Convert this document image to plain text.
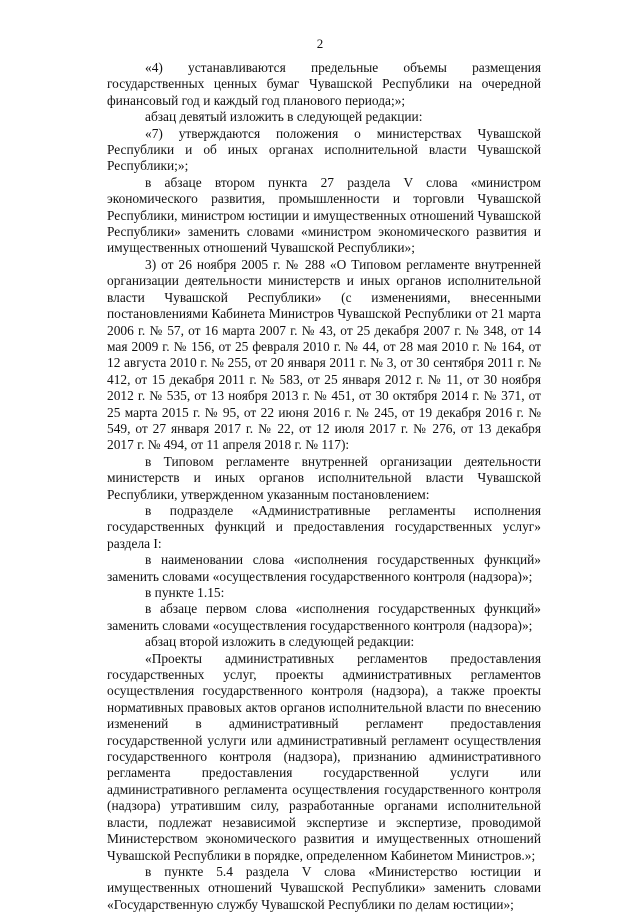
2

«4) устанавливаются предельные объемы размещения государственных ценных бумаг Чувашской Республики на очередной финансовый год и каждый год планового периода;»;

абзац девятый изложить в следующей редакции:

«7) утверждаются положения о министерствах Чувашской Республики и об иных органах исполнительной власти Чувашской Республики;»;

в абзаце втором пункта 27 раздела V слова «министром экономического развития, промышленности и торговли Чувашской Республики, министром юстиции и имущественных отношений Чувашской Республики» заменить словами «министром экономического развития и имущественных отношений Чувашской Республики»;

3) от 26 ноября 2005 г. № 288 «О Типовом регламенте внутренней организации деятельности министерств и иных органов исполнительной власти Чувашской Республики» (с изменениями, внесенными постановлениями Кабинета Министров Чувашской Республики от 21 марта 2006 г. № 57, от 16 марта 2007 г. № 43, от 25 декабря 2007 г. № 348, от 14 мая 2009 г. № 156, от 25 февраля 2010 г. № 44, от 28 мая 2010 г. № 164, от 12 августа 2010 г. № 255, от 20 января 2011 г. № 3, от 30 сентября 2011 г. № 412, от 15 декабря 2011 г. № 583, от 25 января 2012 г. № 11, от 30 ноября 2012 г. № 535, от 13 ноября 2013 г. № 451, от 30 октября 2014 г. № 371, от 25 марта 2015 г. № 95, от 22 июня 2016 г. № 245, от 19 декабря 2016 г. № 549, от 27 января 2017 г. № 22, от 12 июля 2017 г. № 276, от 13 декабря 2017 г. № 494, от 11 апреля 2018 г. № 117):

в Типовом регламенте внутренней организации деятельности министерств и иных органов исполнительной власти Чувашской Республики, утвержденном указанным постановлением:

в подразделе «Административные регламенты исполнения государственных функций и предоставления государственных услуг» раздела I:

в наименовании слова «исполнения государственных функций» заменить словами «осуществления государственного контроля (надзора)»;

в пункте 1.15:

в абзаце первом слова «исполнения государственных функций» заменить словами «осуществления государственного контроля (надзора)»;

абзац второй изложить в следующей редакции:

«Проекты административных регламентов предоставления государственных услуг, проекты административных регламентов осуществления государственного контроля (надзора), а также проекты нормативных правовых актов органов исполнительной власти по внесению изменений в административный регламент предоставления государственной услуги или административный регламент осуществления государственного контроля (надзора), признанию административного регламента предоставления государственной услуги или административного регламента осуществления государственного контроля (надзора) утратившим силу, разработанные органами исполнительной власти, подлежат независимой экспертизе и экспертизе, проводимой Министерством экономического развития и имущественных отношений Чувашской Республики в порядке, определенном Кабинетом Министров.»;

в пункте 5.4 раздела V слова «Министерство юстиции и имущественных отношений Чувашской Республики» заменить словами «Государственную службу Чувашской Республики по делам юстиции»;
